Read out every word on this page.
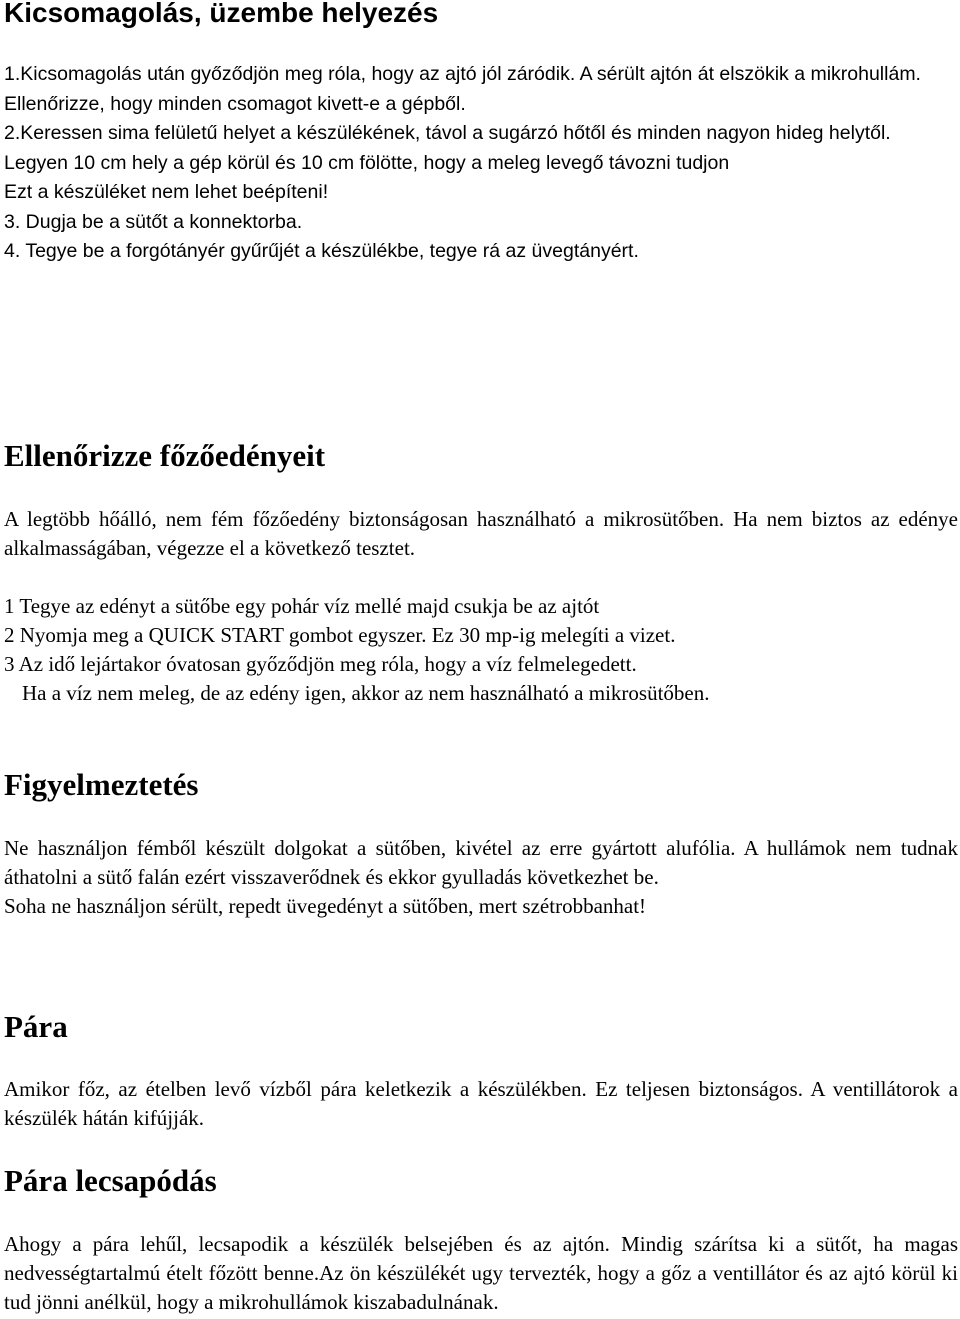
Kicsomagolás, üzembe helyezés

1.Kicsomagolás után győződjön meg róla, hogy az ajtó jól záródik. A sérült ajtón át elszökik a mikrohullám.

Ellenőrizze, hogy minden csomagot kivett-e a gépből.

2.Keressen sima felületű helyet a készülékének, távol a sugárzó hőtől és minden nagyon hideg helytől.

Legyen 10 cm hely a gép körül és 10 cm fölötte, hogy a meleg levegő távozni tudjon

Ezt a készüléket nem lehet beépíteni!

3. Dugja be a sütőt a konnektorba.

4. Tegye be a forgótányér gyűrűjét a készülékbe, tegye rá az üvegtányért.

Ellenőrizze főzőedényeit

A legtöbb hőálló, nem fém főzőedény biztonságosan használható a mikrosütőben. Ha nem biztos az edénye alkalmasságában, végezze el a következő tesztet.

1 Tegye az edényt a sütőbe egy pohár víz mellé majd csukja be az ajtót

2 Nyomja meg a QUICK START gombot egyszer. Ez 30 mp-ig melegíti a vizet.

3 Az idő lejártakor óvatosan győződjön meg róla, hogy a víz felmelegedett.

Ha a víz nem meleg, de az edény igen, akkor az nem használható a mikrosütőben.

Figyelmeztetés

Ne használjon fémből készült dolgokat a sütőben, kivétel az erre gyártott alufólia. A hullámok nem tudnak áthatolni a sütő falán ezért visszaverődnek és ekkor gyulladás következhet be.

Soha ne használjon sérült, repedt üvegedényt a sütőben, mert szétrobbanhat!

Pára

Amikor főz, az ételben levő vízből pára keletkezik a készülékben. Ez teljesen biztonságos. A ventillátorok a készülék hátán kifújják.

Pára lecsapódás

Ahogy a pára lehűl, lecsapodik a készülék belsejében és az ajtón. Mindig szárítsa ki a sütőt, ha magas nedvességtartalmú ételt főzött benne.Az ön készülékét ugy tervezték, hogy a gőz a ventillátor és az ajtó körül ki tud jönni anélkül, hogy a mikrohullámok kiszabadulnának.
